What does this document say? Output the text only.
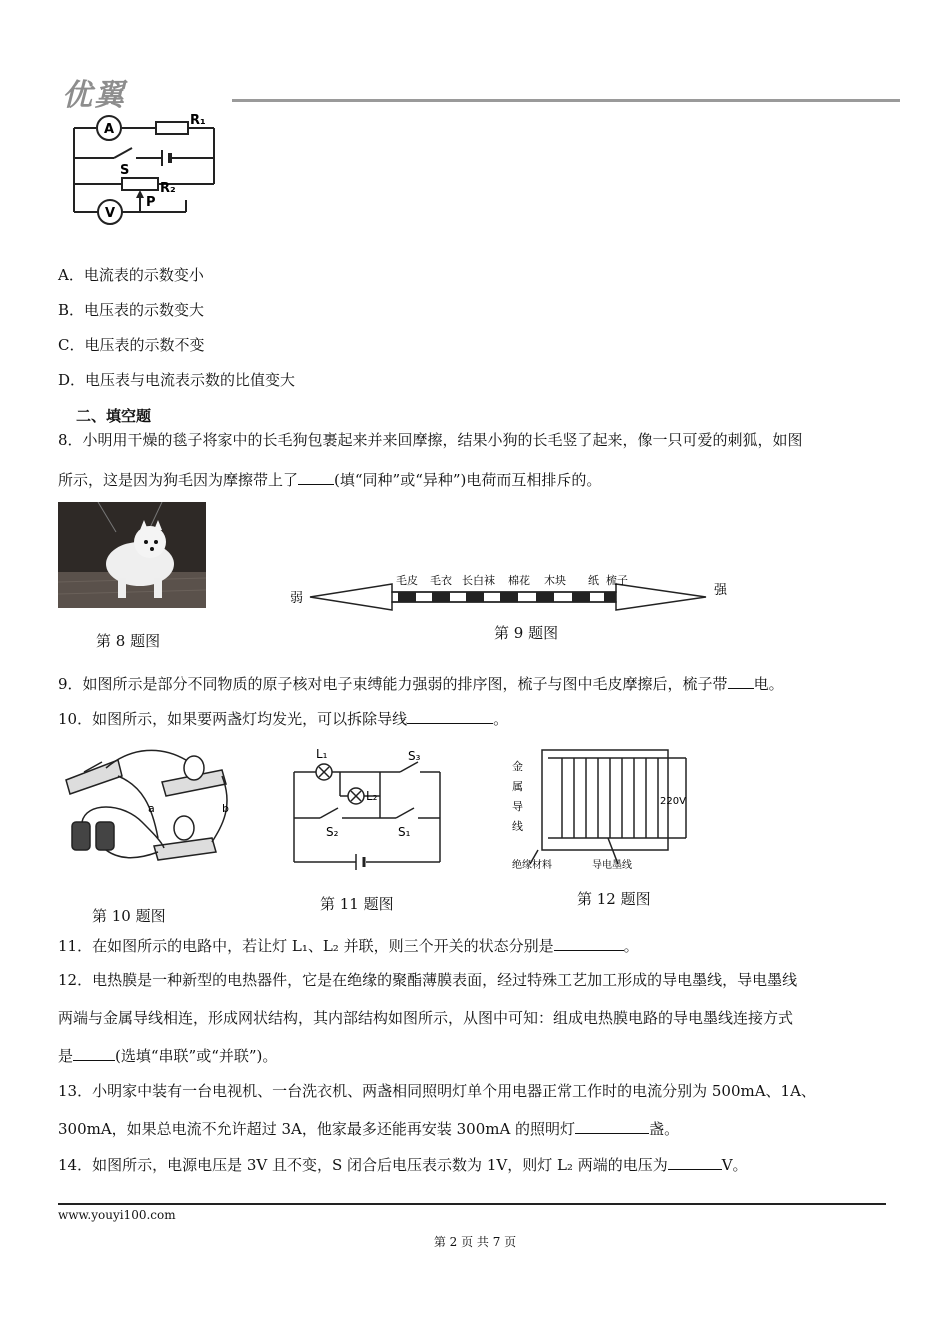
优翼
A
R₁
S
R₂
P
V
A．电流表的示数变小
B．电压表的示数变大
C．电压表的示数不变
D．电压表与电流表示数的比值变大
二、填空题
8．小明用干燥的毯子将家中的长毛狗包裹起来并来回摩擦，结果小狗的长毛竖了起来，像一只可爱的刺狐，如图
所示，这是因为狗毛因为摩擦带上了 (填“同种”或“异种”)电荷而互相排斥的。
第 8 题图
弱
强
毛皮 毛衣 长白袜 棉花 木块 纸 梳子
第 9 题图
9．如图所示是部分不同物质的原子核对电子束缚能力强弱的排序图，梳子与图中毛皮摩擦后，梳子带 电。
10．如图所示，如果要两盏灯均发光，可以拆除导线	。
a	b
第 10 题图
L₁
L₂
S₃
S₂	S₁
第 11 题图
金
属
导
线
220V
绝缘材料	导电墨线
第 12 题图
11．在如图所示的电路中，若让灯 L₁、L₂ 并联，则三个开关的状态分别是	。
12．电热膜是一种新型的电热器件，它是在绝缘的聚酯薄膜表面，经过特殊工艺加工形成的导电墨线，导电墨线
两端与金属导线相连，形成网状结构，其内部结构如图所示，从图中可知：组成电热膜电路的导电墨线连接方式
是	(选填“串联”或“并联”)。
13．小明家中装有一台电视机、一台洗衣机、两盏相同照明灯单个用电器正常工作时的电流分别为 500mA、1A、
300mA，如果总电流不允许超过 3A，他家最多还能再安装 300mA 的照明灯	盏。
14．如图所示，电源电压是 3V 且不变，S 闭合后电压表示数为 1V，则灯 L₂ 两端的电压为	V。
www.youyi100.com
第 2 页 共 7 页
